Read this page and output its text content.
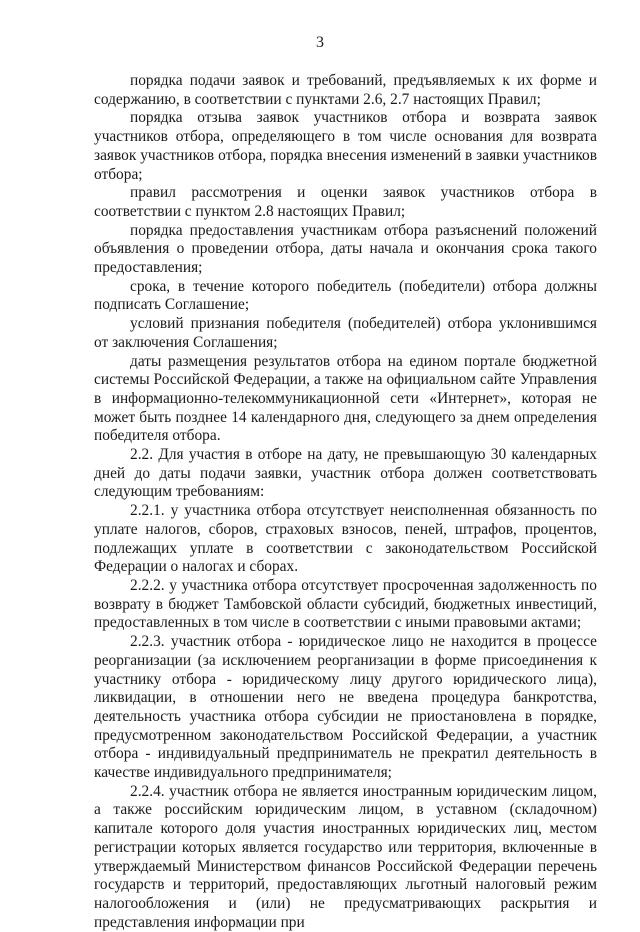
3

порядка подачи заявок и требований, предъявляемых к их форме и содержанию, в соответствии с пунктами 2.6, 2.7 настоящих Правил;

порядка отзыва заявок участников отбора и возврата заявок участников отбора, определяющего в том числе основания для возврата заявок участников отбора, порядка внесения изменений в заявки участников отбора;

правил рассмотрения и оценки заявок участников отбора в соответствии с пунктом 2.8 настоящих Правил;

порядка предоставления участникам отбора разъяснений положений объявления о проведении отбора, даты начала и окончания срока такого предоставления;

срока, в течение которого победитель (победители) отбора должны подписать Соглашение;

условий признания победителя (победителей) отбора уклонившимся от заключения Соглашения;

даты размещения результатов отбора на едином портале бюджетной системы Российской Федерации, а также на официальном сайте Управления в информационно-телекоммуникационной сети «Интернет», которая не может быть позднее 14 календарного дня, следующего за днем определения победителя отбора.

2.2. Для участия в отборе на дату, не превышающую 30 календарных дней до даты подачи заявки, участник отбора должен соответствовать следующим требованиям:

2.2.1. у участника отбора отсутствует неисполненная обязанность по уплате налогов, сборов, страховых взносов, пеней, штрафов, процентов, подлежащих уплате в соответствии с законодательством Российской Федерации о налогах и сборах.

2.2.2. у участника отбора отсутствует просроченная задолженность по возврату в бюджет Тамбовской области субсидий, бюджетных инвестиций, предоставленных в том числе в соответствии с иными правовыми актами;

2.2.3. участник отбора - юридическое лицо не находится в процессе реорганизации (за исключением реорганизации в форме присоединения к участнику отбора - юридическому лицу другого юридического лица), ликвидации, в отношении него не введена процедура банкротства, деятельность участника отбора субсидии не приостановлена в порядке, предусмотренном законодательством Российской Федерации, а участник отбора - индивидуальный предприниматель не прекратил деятельность в качестве индивидуального предпринимателя;

2.2.4. участник отбора не является иностранным юридическим лицом, а также российским юридическим лицом, в уставном (складочном) капитале которого доля участия иностранных юридических лиц, местом регистрации которых является государство или территория, включенные в утверждаемый Министерством финансов Российской Федерации перечень государств и территорий, предоставляющих льготный налоговый режим налогообложения и (или) не предусматривающих раскрытия и представления информации при
